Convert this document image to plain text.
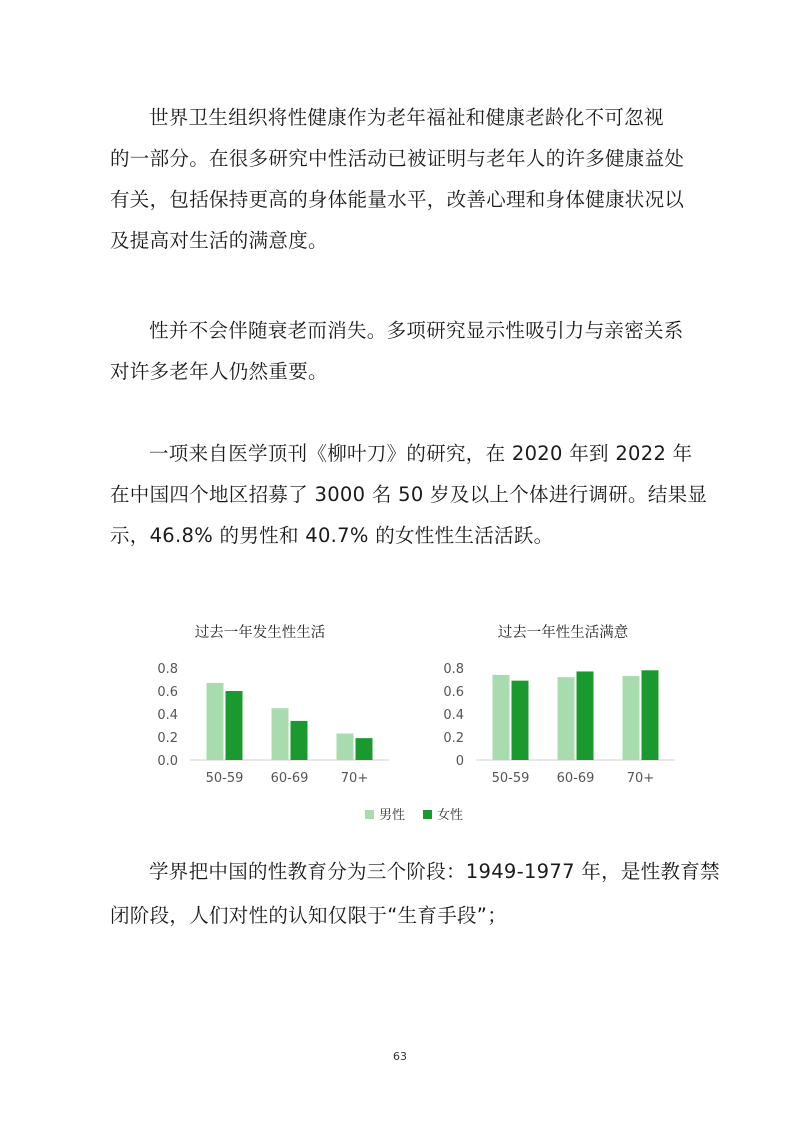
世界卫生组织将性健康作为老年福祉和健康老龄化不可忽视
的一部分。在很多研究中性活动已被证明与老年人的许多健康益处
有关，包括保持更高的身体能量水平，改善心理和身体健康状况以
及提高对生活的满意度。
性并不会伴随衰老而消失。多项研究显示性吸引力与亲密关系
对许多老年人仍然重要。
一项来自医学顶刊《柳叶刀》的研究，在 2020 年到 2022 年
在中国四个地区招募了 3000 名 50 岁及以上个体进行调研。结果显
示，46.8% 的男性和 40.7% 的女性性生活活跃。
过去一年发生性生活
0.0
0.2
0.4
0.6
0.8
50-59 60-69 70+
过去一年性生活满意
0
0.2
0.4
0.6
0.8
50-59 60-69 70+
男性 女性
学界把中国的性教育分为三个阶段：1949-1977 年，是性教育禁
闭阶段，人们对性的认知仅限于“生育手段”；
63
